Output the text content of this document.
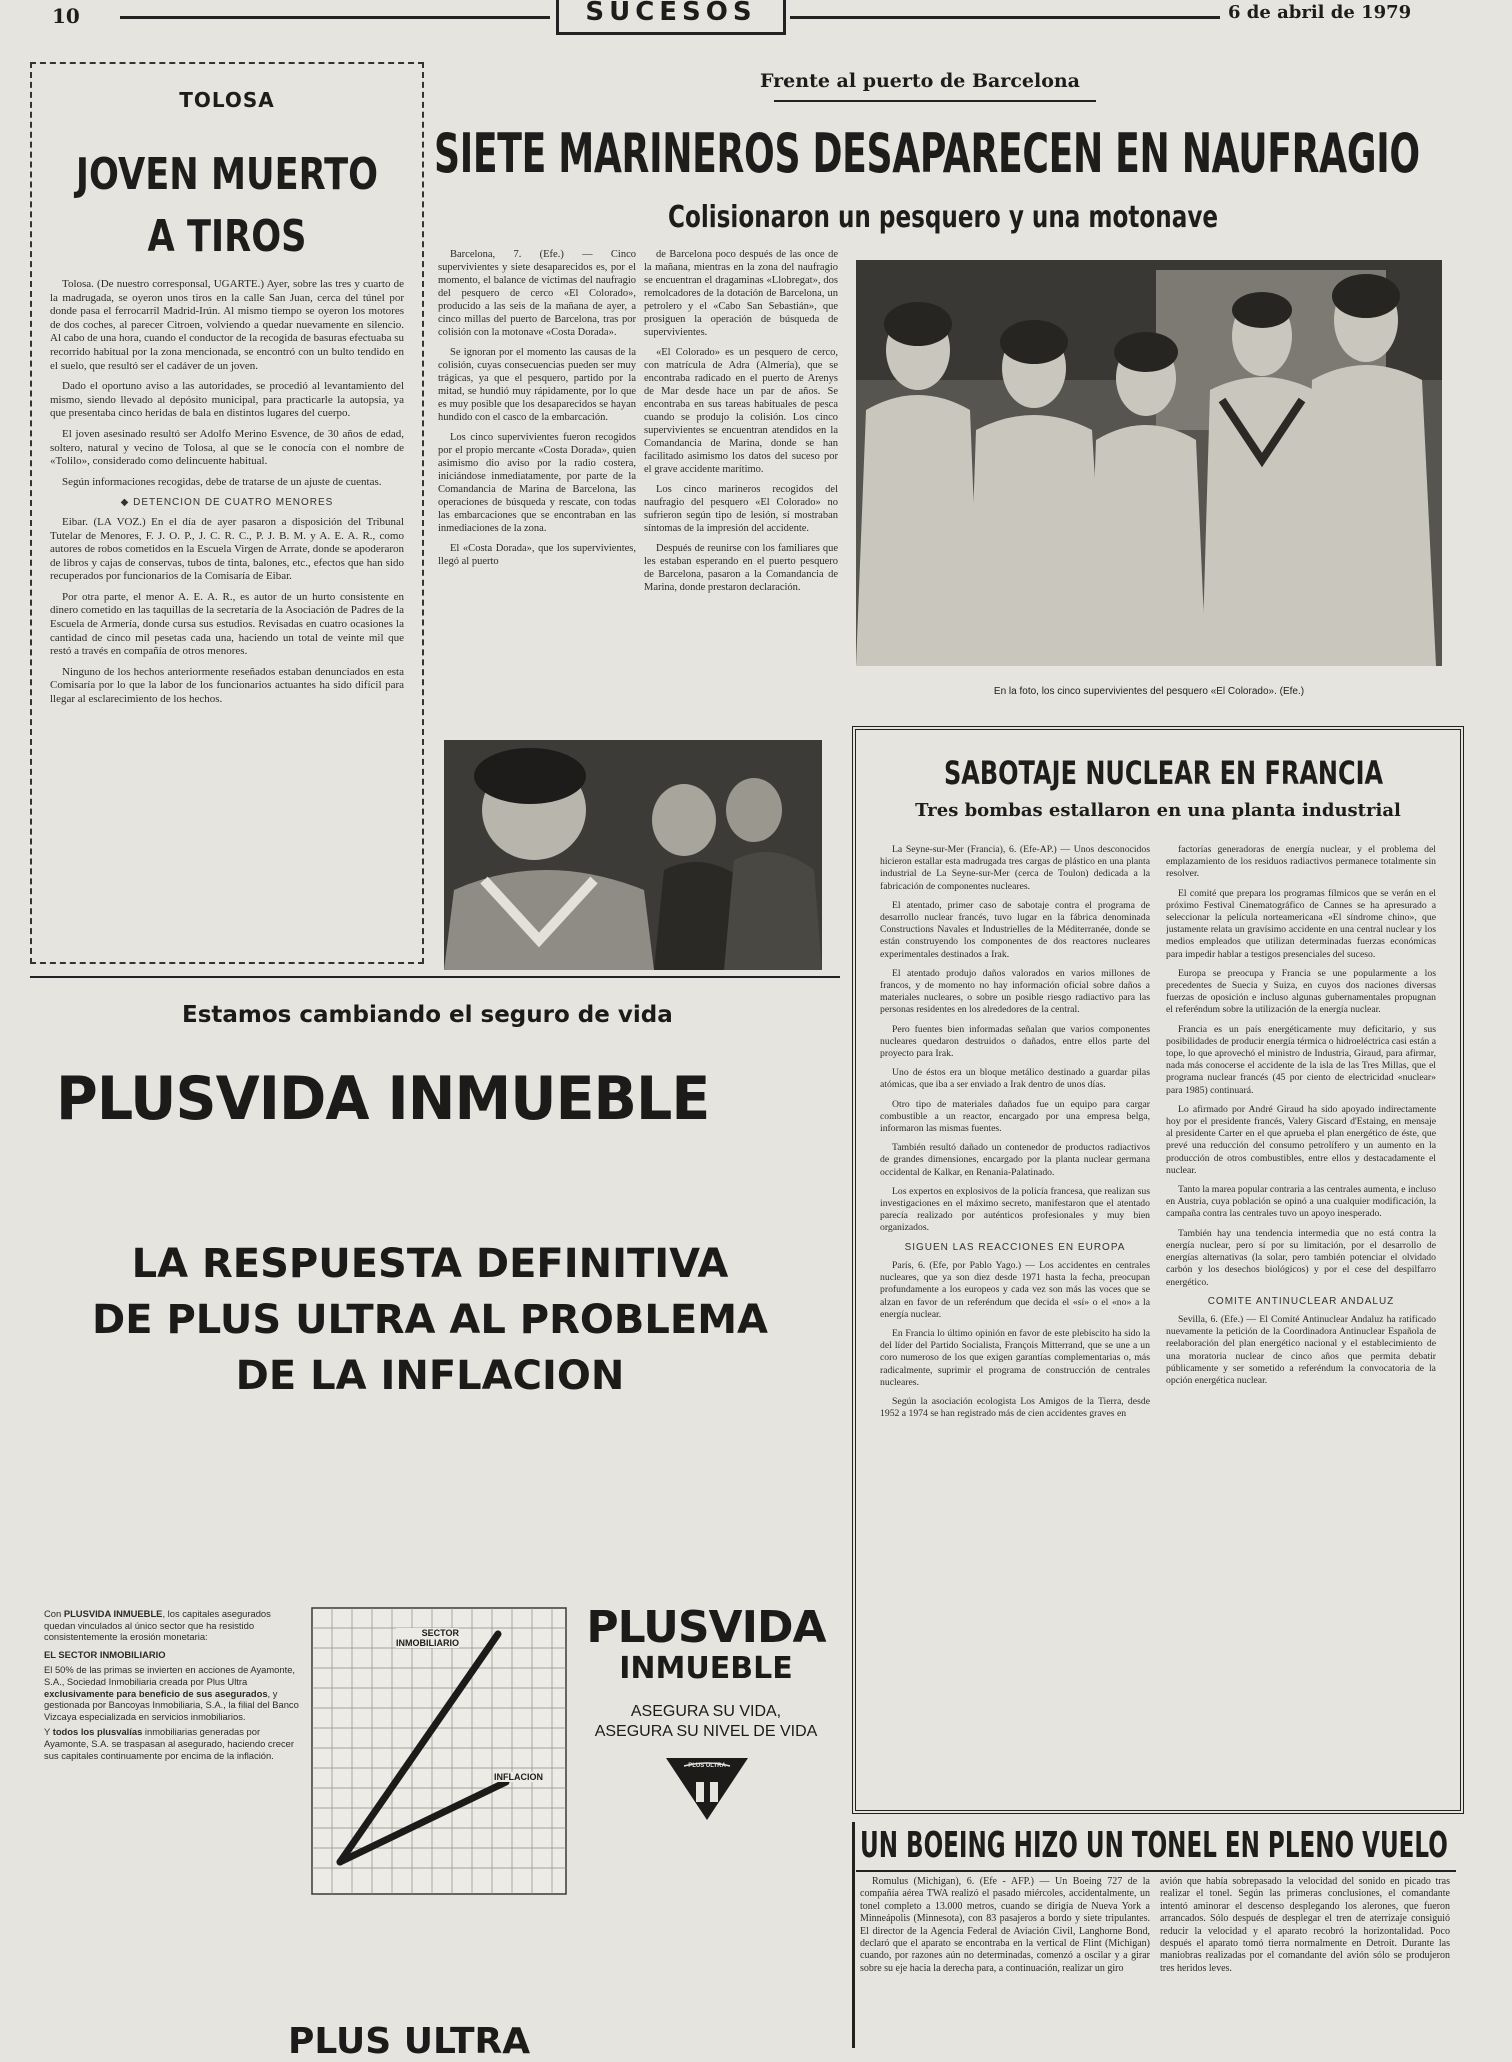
10	SUCESOS	6 de abril de 1979
TOLOSA
JOVEN MUERTO
A TIROS

Tolosa. (De nuestro corresponsal, UGARTE.) Ayer, sobre las tres y cuarto de la madrugada, se oyeron unos tiros en la calle San Juan, cerca del túnel por donde pasa el ferrocarril Madrid-Irún. Al mismo tiempo se oyeron los motores de dos coches, al parecer Citroen, volviendo a quedar nuevamente en silencio. Al cabo de una hora, cuando el conductor de la recogida de basuras efectuaba su recorrido habitual por la zona mencionada, se encontró con un bulto tendido en el suelo, que resultó ser el cadáver de un joven.

Dado el oportuno aviso a las autoridades, se procedió al levantamiento del mismo, siendo llevado al depósito municipal, para practicarle la autopsia, ya que presentaba cinco heridas de bala en distintos lugares del cuerpo.

El joven asesinado resultó ser Adolfo Merino Esvence, de 30 años de edad, soltero, natural y vecino de Tolosa, al que se le conocía con el nombre de «Tolilo», considerado como delincuente habitual.

Según informaciones recogidas, debe de tratarse de un ajuste de cuentas.

◆ DETENCION DE CUATRO MENORES

Eibar. (LA VOZ.) En el día de ayer pasaron a disposición del Tribunal Tutelar de Menores, F. J. O. P., J. C. R. C., P. J. B. M. y A. E. A. R., como autores de robos cometidos en la Escuela Virgen de Arrate, donde se apoderaron de libros y cajas de conservas, tubos de tinta, balones, etc., efectos que han sido recuperados por funcionarios de la Comisaría de Eibar.

Por otra parte, el menor A. E. A. R., es autor de un hurto consistente en dinero cometido en las taquillas de la secretaría de la Asociación de Padres de la Escuela de Armería, donde cursa sus estudios. Revisadas en cuatro ocasiones la cantidad de cinco mil pesetas cada una, haciendo un total de veinte mil que restó a través en compañía de otros menores.

Ninguno de los hechos anteriormente reseñados estaban denunciados en esta Comisaría por lo que la labor de los funcionarios actuantes ha sido difícil para llegar al esclarecimiento de los hechos.

Frente al puerto de Barcelona
SIETE MARINEROS DESAPARECEN EN NAUFRAGIO
Colisionaron un pesquero y una motonave

Barcelona, 7. (Efe.) — Cinco supervivientes y siete desaparecidos es, por el momento, el balance de víctimas del naufragio del pesquero de cerco «El Colorado», producido a las seis de la mañana de ayer, a cinco millas del puerto de Barcelona, tras por colisión con la motonave «Costa Dorada».

Se ignoran por el momento las causas de la colisión, cuyas consecuencias pueden ser muy trágicas, ya que el pesquero, partido por la mitad, se hundió muy rápidamente, por lo que es muy posible que los desaparecidos se hayan hundido con el casco de la embarcación.

Los cinco supervivientes fueron recogidos por el propio mercante «Costa Dorada», quien asimismo dio aviso por la radio costera, iniciándose inmediatamente, por parte de la Comandancia de Marina de Barcelona, las operaciones de búsqueda y rescate, con todas las embarcaciones que se encontraban en las inmediaciones de la zona.

El «Costa Dorada», que los supervivientes, llegó al puerto

de Barcelona poco después de las once de la mañana, mientras en la zona del naufragio se encuentran el dragaminas «Llobregat», dos remolcadores de la dotación de Barcelona, un petrolero y el «Cabo San Sebastián», que prosiguen la operación de búsqueda de supervivientes.

«El Colorado» es un pesquero de cerco, con matrícula de Adra (Almería), que se encontraba radicado en el puerto de Arenys de Mar desde hace un par de años. Se encontraba en sus tareas habituales de pesca cuando se produjo la colisión. Los cinco supervivientes se encuentran atendidos en la Comandancia de Marina, donde se han facilitado asimismo los datos del suceso por el grave accidente marítimo.

Los cinco marineros recogidos del naufragio del pesquero «El Colorado» no sufrieron según tipo de lesión, sí mostraban síntomas de la impresión del accidente.

Después de reunirse con los familiares que les estaban esperando en el puerto pesquero de Barcelona, pasaron a la Comandancia de Marina, donde prestaron declaración.

En la foto, los cinco supervivientes del pesquero «El Colorado». (Efe.)
Estamos cambiando el seguro de vida
PLUSVIDA INMUEBLE
LA RESPUESTA DEFINITIVA
DE PLUS ULTRA AL PROBLEMA
DE LA INFLACION
Con PLUSVIDA INMUEBLE, los capitales asegurados quedan vinculados al único sector que ha resistido consistentemente la erosión monetaria:
EL SECTOR INMOBILIARIO
El 50% de las primas se invierten en acciones de Ayamonte, S.A., Sociedad Inmobiliaria creada por Plus Ultra exclusivamente para beneficio de sus asegurados, y gestionada por Bancoyas Inmobiliaria, S.A., la filial del Banco Vizcaya especializada en servicios inmobiliarios.
Y todos los plusvalías inmobiliarias generadas por Ayamonte, S.A. se traspasan al asegurado, haciendo crecer sus capitales continuamente por encima de la inflación.
SECTOR
INMOBILIARIO
INFLACION
PLUSVIDA
INMUEBLE
ASEGURA SU VIDA,
ASEGURA SU NIVEL DE VIDA
PLUS ULTRA
PLUS ULTRA
SABOTAJE NUCLEAR EN FRANCIA
Tres bombas estallaron en una planta industrial

La Seyne-sur-Mer (Francia), 6. (Efe-AP.) — Unos desconocidos hicieron estallar esta madrugada tres cargas de plástico en una planta industrial de La Seyne-sur-Mer (cerca de Toulon) dedicada a la fabricación de componentes nucleares.

El atentado, primer caso de sabotaje contra el programa de desarrollo nuclear francés, tuvo lugar en la fábrica denominada Constructions Navales et Industrielles de la Méditerranée, donde se están construyendo los componentes de dos reactores nucleares experimentales destinados a Irak.

El atentado produjo daños valorados en varios millones de francos, y de momento no hay información oficial sobre daños a materiales nucleares, o sobre un posible riesgo radiactivo para las personas residentes en los alrededores de la central.

Pero fuentes bien informadas señalan que varios componentes nucleares quedaron destruidos o dañados, entre ellos parte del proyecto para Irak.

Uno de éstos era un bloque metálico destinado a guardar pilas atómicas, que iba a ser enviado a Irak dentro de unos días.

Otro tipo de materiales dañados fue un equipo para cargar combustible a un reactor, encargado por una empresa belga, informaron las mismas fuentes.

También resultó dañado un contenedor de productos radiactivos de grandes dimensiones, encargado por la planta nuclear germana occidental de Kalkar, en Renania-Palatinado.

Los expertos en explosivos de la policía francesa, que realizan sus investigaciones en el máximo secreto, manifestaron que el atentado parecía realizado por auténticos profesionales y muy bien organizados.

SIGUEN LAS REACCIONES EN EUROPA

París, 6. (Efe, por Pablo Yago.) — Los accidentes en centrales nucleares, que ya son diez desde 1971 hasta la fecha, preocupan profundamente a los europeos y cada vez son más las voces que se alzan en favor de un referéndum que decida el «sí» o el «no» a la energía nuclear.

En Francia lo último opinión en favor de este plebiscito ha sido la del líder del Partido Socialista, François Mitterrand, que se une a un coro numeroso de los que exigen garantías complementarias o, más radicalmente, suprimir el programa de construcción de centrales nucleares.

Según la asociación ecologista Los Amigos de la Tierra, desde 1952 a 1974 se han registrado más de cien accidentes graves en

factorías generadoras de energía nuclear, y el problema del emplazamiento de los residuos radiactivos permanece totalmente sin resolver.

El comité que prepara los programas fílmicos que se verán en el próximo Festival Cinematográfico de Cannes se ha apresurado a seleccionar la película norteamericana «El síndrome chino», que justamente relata un gravísimo accidente en una central nuclear y los medios empleados que utilizan determinadas fuerzas económicas para impedir hablar a testigos presenciales del suceso.

Europa se preocupa y Francia se une popularmente a los precedentes de Suecia y Suiza, en cuyos dos naciones diversas fuerzas de oposición e incluso algunas gubernamentales propugnan el referéndum sobre la utilización de la energía nuclear.

Francia es un país energéticamente muy deficitario, y sus posibilidades de producir energía térmica o hidroeléctrica casi están a tope, lo que aprovechó el ministro de Industria, Giraud, para afirmar, nada más conocerse el accidente de la isla de las Tres Millas, que el programa nuclear francés (45 por ciento de electricidad «nuclear» para 1985) continuará.

Lo afirmado por André Giraud ha sido apoyado indirectamente hoy por el presidente francés, Valery Giscard d'Estaing, en mensaje al presidente Carter en el que aprueba el plan energético de éste, que prevé una reducción del consumo petrolífero y un aumento en la producción de otros combustibles, entre ellos y destacadamente el nuclear.

Tanto la marea popular contraria a las centrales aumenta, e incluso en Austria, cuya población se opinó a una cualquier modificación, la campaña contra las centrales tuvo un apoyo inesperado.

También hay una tendencia intermedia que no está contra la energía nuclear, pero sí por su limitación, por el desarrollo de energías alternativas (la solar, pero también potenciar el olvidado carbón y los desechos biológicos) y por el cese del despilfarro energético.

COMITE ANTINUCLEAR ANDALUZ

Sevilla, 6. (Efe.) — El Comité Antinuclear Andaluz ha ratificado nuevamente la petición de la Coordinadora Antinuclear Española de reelaboración del plan energético nacional y el establecimiento de una moratoria nuclear de cinco años que permita debatir públicamente y ser sometido a referéndum la convocatoria de la opción energética nuclear.

UN BOEING HIZO UN TONEL EN PLENO VUELO
Romulus (Michigan), 6. (Efe - AFP.) — Un Boeing 727 de la compañía aérea TWA realizó el pasado miércoles, accidentalmente, un tonel completo a 13.000 metros, cuando se dirigía de Nueva York a Minneápolis (Minnesota), con 83 pasajeros a bordo y siete tripulantes. El director de la Agencia Federal de Aviación Civil, Langhorne Bond, declaró que el aparato se encontraba en la vertical de Flint (Michigan) cuando, por razones aún no determinadas, comenzó a oscilar y a girar sobre su eje hacia la derecha para, a continuación, realizar un giro
avión que había sobrepasado la velocidad del sonido en picado tras realizar el tonel. Según las primeras conclusiones, el comandante intentó aminorar el descenso desplegando los alerones, que fueron arrancados. Sólo después de desplegar el tren de aterrizaje consiguió reducir la velocidad y el aparato recobró la horizontalidad. Poco después el aparato tomó tierra normalmente en Detroit. Durante las maniobras realizadas por el comandante del avión sólo se produjeron tres heridos leves.
